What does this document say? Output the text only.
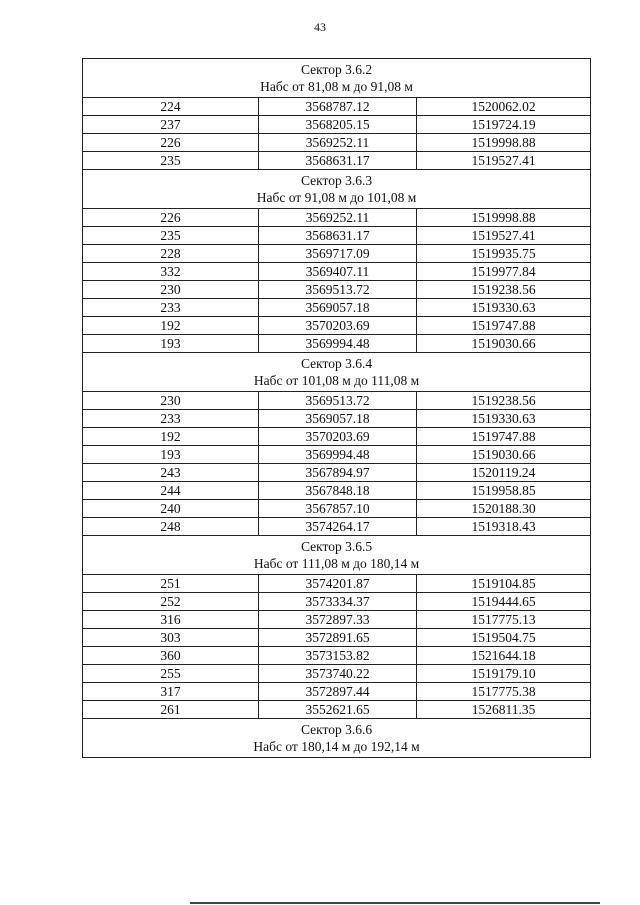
43
Сектор 3.6.2
Набс от 81,08 м до 91,08 м		

224	3568787.12	1520062.02
237	3568205.15	1519724.19
226	3569252.11	1519998.88
235	3568631.17	1519527.41

Сектор 3.6.3
Набс от 91,08 м до 101,08 м		

226	3569252.11	1519998.88
235	3568631.17	1519527.41
228	3569717.09	1519935.75
332	3569407.11	1519977.84
230	3569513.72	1519238.56
233	3569057.18	1519330.63
192	3570203.69	1519747.88
193	3569994.48	1519030.66

Сектор 3.6.4
Набс от 101,08 м до 111,08 м		

230	3569513.72	1519238.56
233	3569057.18	1519330.63
192	3570203.69	1519747.88
193	3569994.48	1519030.66
243	3567894.97	1520119.24
244	3567848.18	1519958.85
240	3567857.10	1520188.30
248	3574264.17	1519318.43

Сектор 3.6.5
Набс от 111,08 м до 180,14 м		

251	3574201.87	1519104.85
252	3573334.37	1519444.65
316	3572897.33	1517775.13
303	3572891.65	1519504.75
360	3573153.82	1521644.18
255	3573740.22	1519179.10
317	3572897.44	1517775.38
261	3552621.65	1526811.35

Сектор 3.6.6
Набс от 180,14 м до 192,14 м		
